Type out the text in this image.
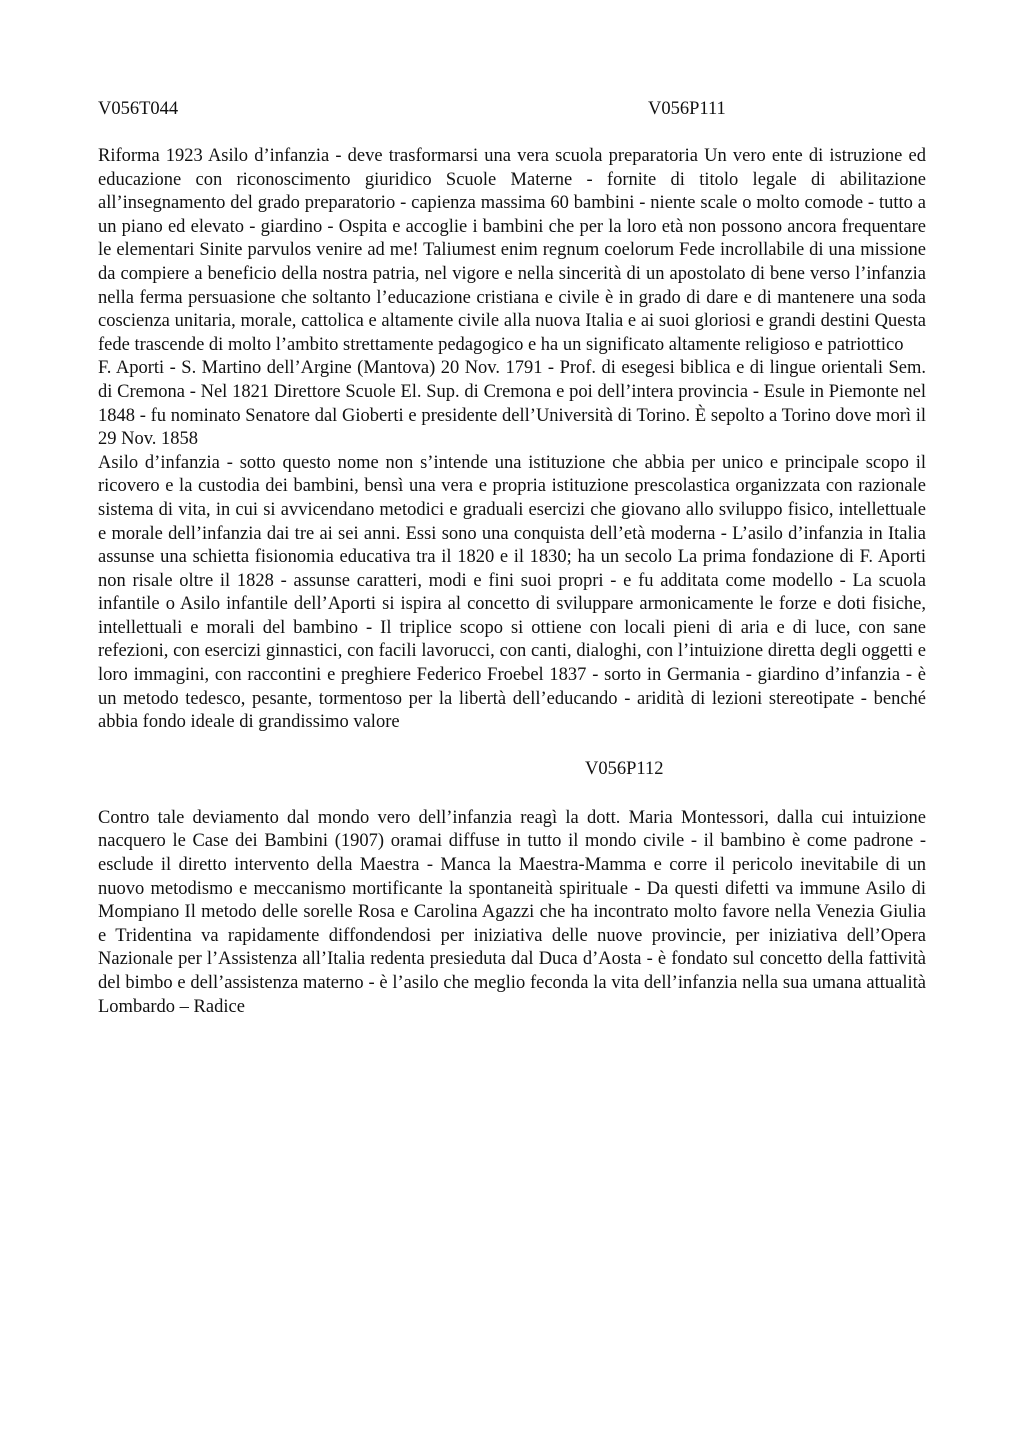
V056T044	V056P111

Riforma 1923 Asilo d’infanzia - deve trasformarsi una vera scuola preparatoria Un vero ente di istruzione ed educazione con riconoscimento giuridico Scuole Materne - fornite di titolo legale di abilitazione all’insegnamento del grado preparatorio - capienza massima 60 bambini - niente scale o molto comode - tutto a un piano ed elevato - giardino - Ospita e accoglie i bambini che per la loro età non possono ancora frequentare le elementari Sinite parvulos venire ad me! Taliumest enim regnum coelorum Fede incrollabile di una missione da compiere a beneficio della nostra patria, nel vigore e nella sincerità di un apostolato di bene verso l’infanzia nella ferma persuasione che soltanto l’educazione cristiana e civile è in grado di dare e di mantenere una soda coscienza unitaria, morale, cattolica e altamente civile alla nuova Italia e ai suoi gloriosi e grandi destini Questa fede trascende di molto l’ambito strettamente pedagogico e ha un significato altamente religioso e patriottico

F. Aporti - S. Martino dell’Argine (Mantova) 20 Nov. 1791 - Prof. di esegesi biblica e di lingue orientali Sem. di Cremona - Nel 1821 Direttore Scuole El. Sup. di Cremona e poi dell’intera provincia - Esule in Piemonte nel 1848 - fu nominato Senatore dal Gioberti e presidente dell’Università di Torino. È sepolto a Torino dove morì il 29 Nov. 1858

Asilo d’infanzia - sotto questo nome non s’intende una istituzione che abbia per unico e principale scopo il ricovero e la custodia dei bambini, bensì una vera e propria istituzione prescolastica organizzata con razionale sistema di vita, in cui si avvicendano metodici e graduali esercizi che giovano allo sviluppo fisico, intellettuale e morale dell’infanzia dai tre ai sei anni. Essi sono una conquista dell’età moderna - L’asilo d’infanzia in Italia assunse una schietta fisionomia educativa tra il 1820 e il 1830; ha un secolo La prima fondazione di F. Aporti non risale oltre il 1828 - assunse caratteri, modi e fini suoi propri - e fu additata come modello - La scuola infantile o Asilo infantile dell’Aporti si ispira al concetto di sviluppare armonicamente le forze e doti fisiche, intellettuali e morali del bambino - Il triplice scopo si ottiene con locali pieni di aria e di luce, con sane refezioni, con esercizi ginnastici, con facili lavorucci, con canti, dialoghi, con l’intuizione diretta degli oggetti e loro immagini, con raccontini e preghiere Federico Froebel 1837 - sorto in Germania - giardino d’infanzia - è un metodo tedesco, pesante, tormentoso per la libertà dell’educando - aridità di lezioni stereotipate - benché abbia fondo ideale di grandissimo valore

V056P112

Contro tale deviamento dal mondo vero dell’infanzia reagì la dott. Maria Montessori, dalla cui intuizione nacquero le Case dei Bambini (1907) oramai diffuse in tutto il mondo civile - il bambino è come padrone - esclude il diretto intervento della Maestra - Manca la Maestra-Mamma e corre il pericolo inevitabile di un nuovo metodismo e meccanismo mortificante la spontaneità spirituale - Da questi difetti va immune Asilo di Mompiano Il metodo delle sorelle Rosa e Carolina Agazzi che ha incontrato molto favore nella Venezia Giulia e Tridentina va rapidamente diffondendosi per iniziativa delle nuove provincie, per iniziativa dell’Opera Nazionale per l’Assistenza all’Italia redenta presieduta dal Duca d’Aosta - è fondato sul concetto della fattività del bimbo e dell’assistenza materno - è l’asilo che meglio feconda la vita dell’infanzia nella sua umana attualità Lombardo – Radice
